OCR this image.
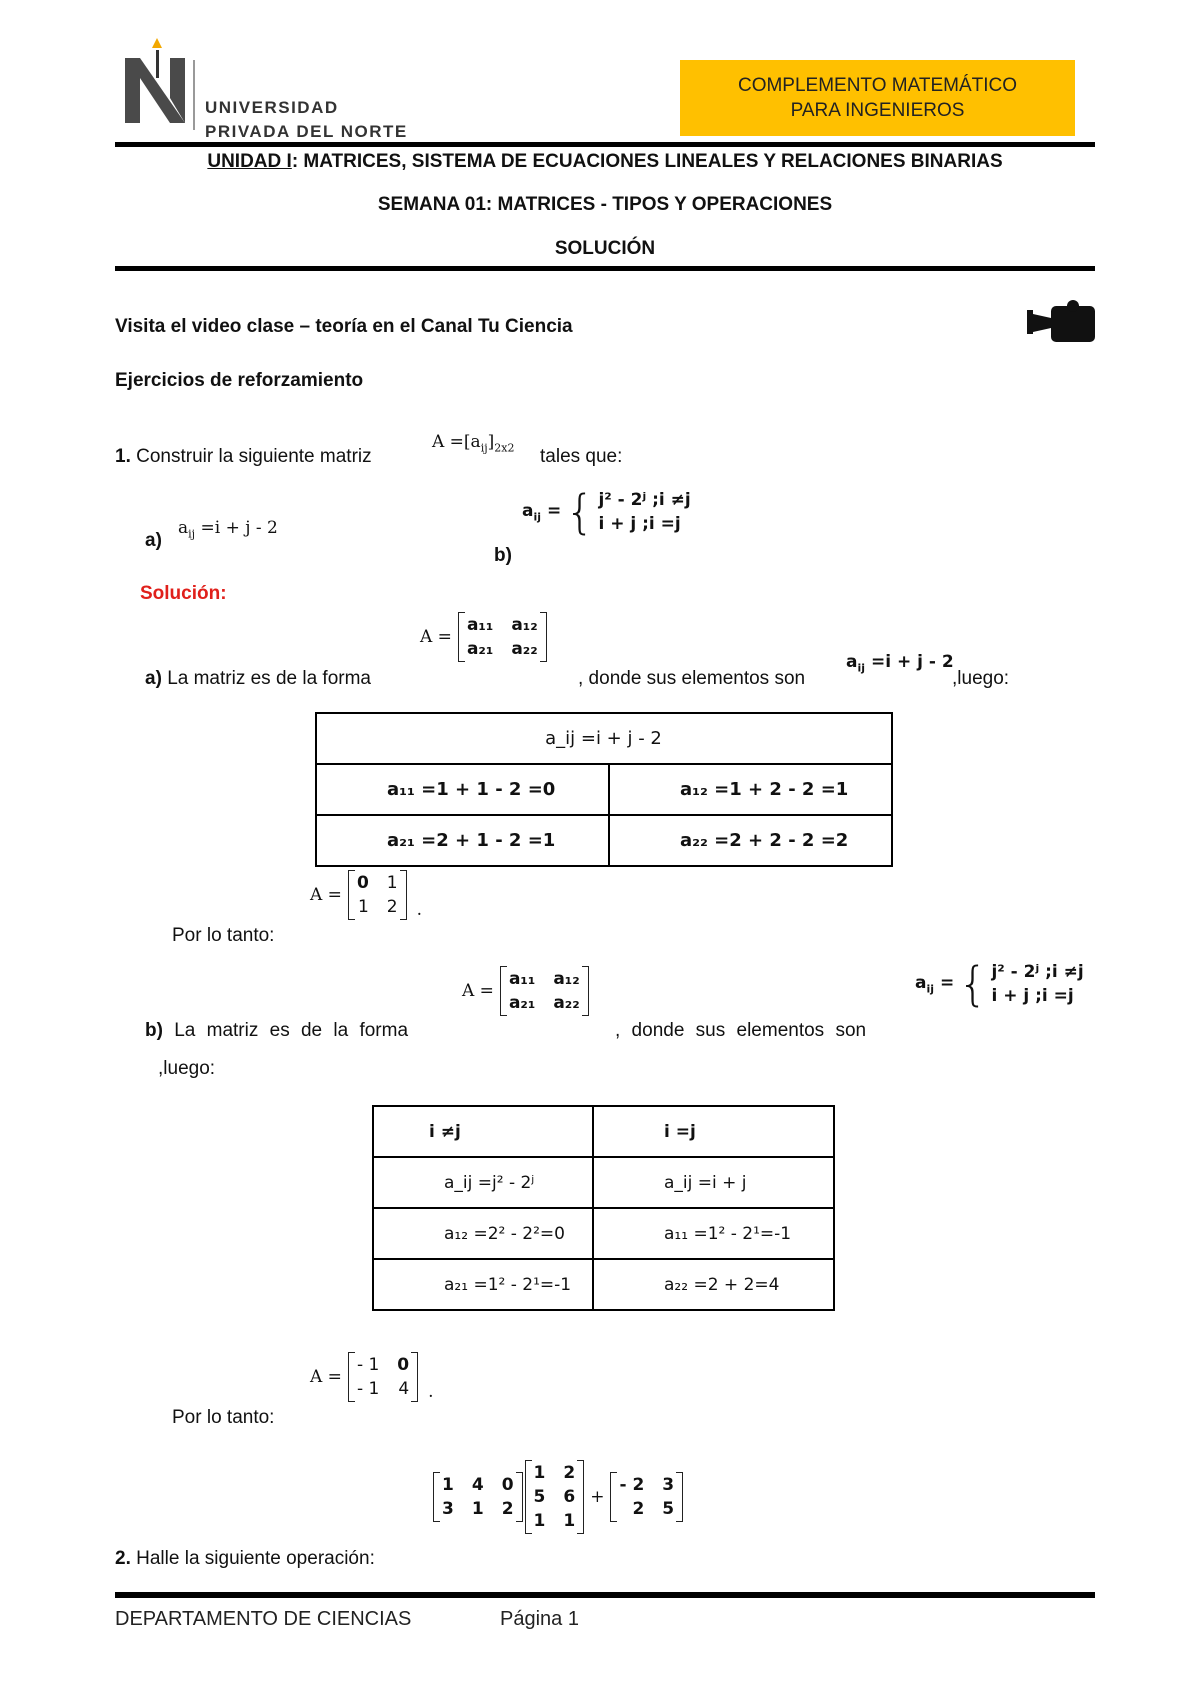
UNIVERSIDAD
PRIVADA DEL NORTE
COMPLEMENTO MATEMÁTICO
PARA INGENIEROS
UNIDAD I: MATRICES, SISTEMA DE ECUACIONES LINEALES Y RELACIONES BINARIAS
SEMANA 01: MATRICES - TIPOS Y OPERACIONES
SOLUCIÓN
Visita el video clase – teoría en el Canal Tu Ciencia
Ejercicios de reforzamiento
1. Construir la siguiente matriz
$A =[a_{ij}]_{2x2}$ tales que:
a)
$a_{ij} =i + j - 2$
$a_{ij}$ = { j² - 2ʲ ;i ≠j
i + j ;i =j
b)
Solución:
A =
a₁₁ a₁₂
a₂₁ a₂₂
a) La matriz es de la forma	, donde sus elementos son
$a_{ij} =i + j - 2$
,luego:
a_ij =i + j - 2	
a₁₁ =1 + 1 - 2 =0	a₁₂ =1 + 2 - 2 =1
a₂₁ =2 + 1 - 2 =1	a₂₂ =2 + 2 - 2 =2
A =
0 1
1 2 .
Por lo tanto:
A =
a₁₁ a₁₂
a₂₁ a₂₂
$a_{ij}$ = { j² - 2ʲ ;i ≠j
i + j ;i =j
b) La matriz es de la forma	, donde sus elementos son
,luego:
i ≠j	i =j
a_ij =j² - 2ʲ	a_ij =i + j
a₁₂ =2² - 2²=0	a₁₁ =1² - 2¹=-1
a₂₁ =1² - 2¹=-1	a₂₂ =2 + 2=4
A =
- 1 0
- 1 4 .
Por lo tanto:
1 4 0
3 1 2
1 2
5 6
1 1
+
- 2 3
2 5
2. Halle la siguiente operación:
DEPARTAMENTO DE CIENCIAS	Página 1
